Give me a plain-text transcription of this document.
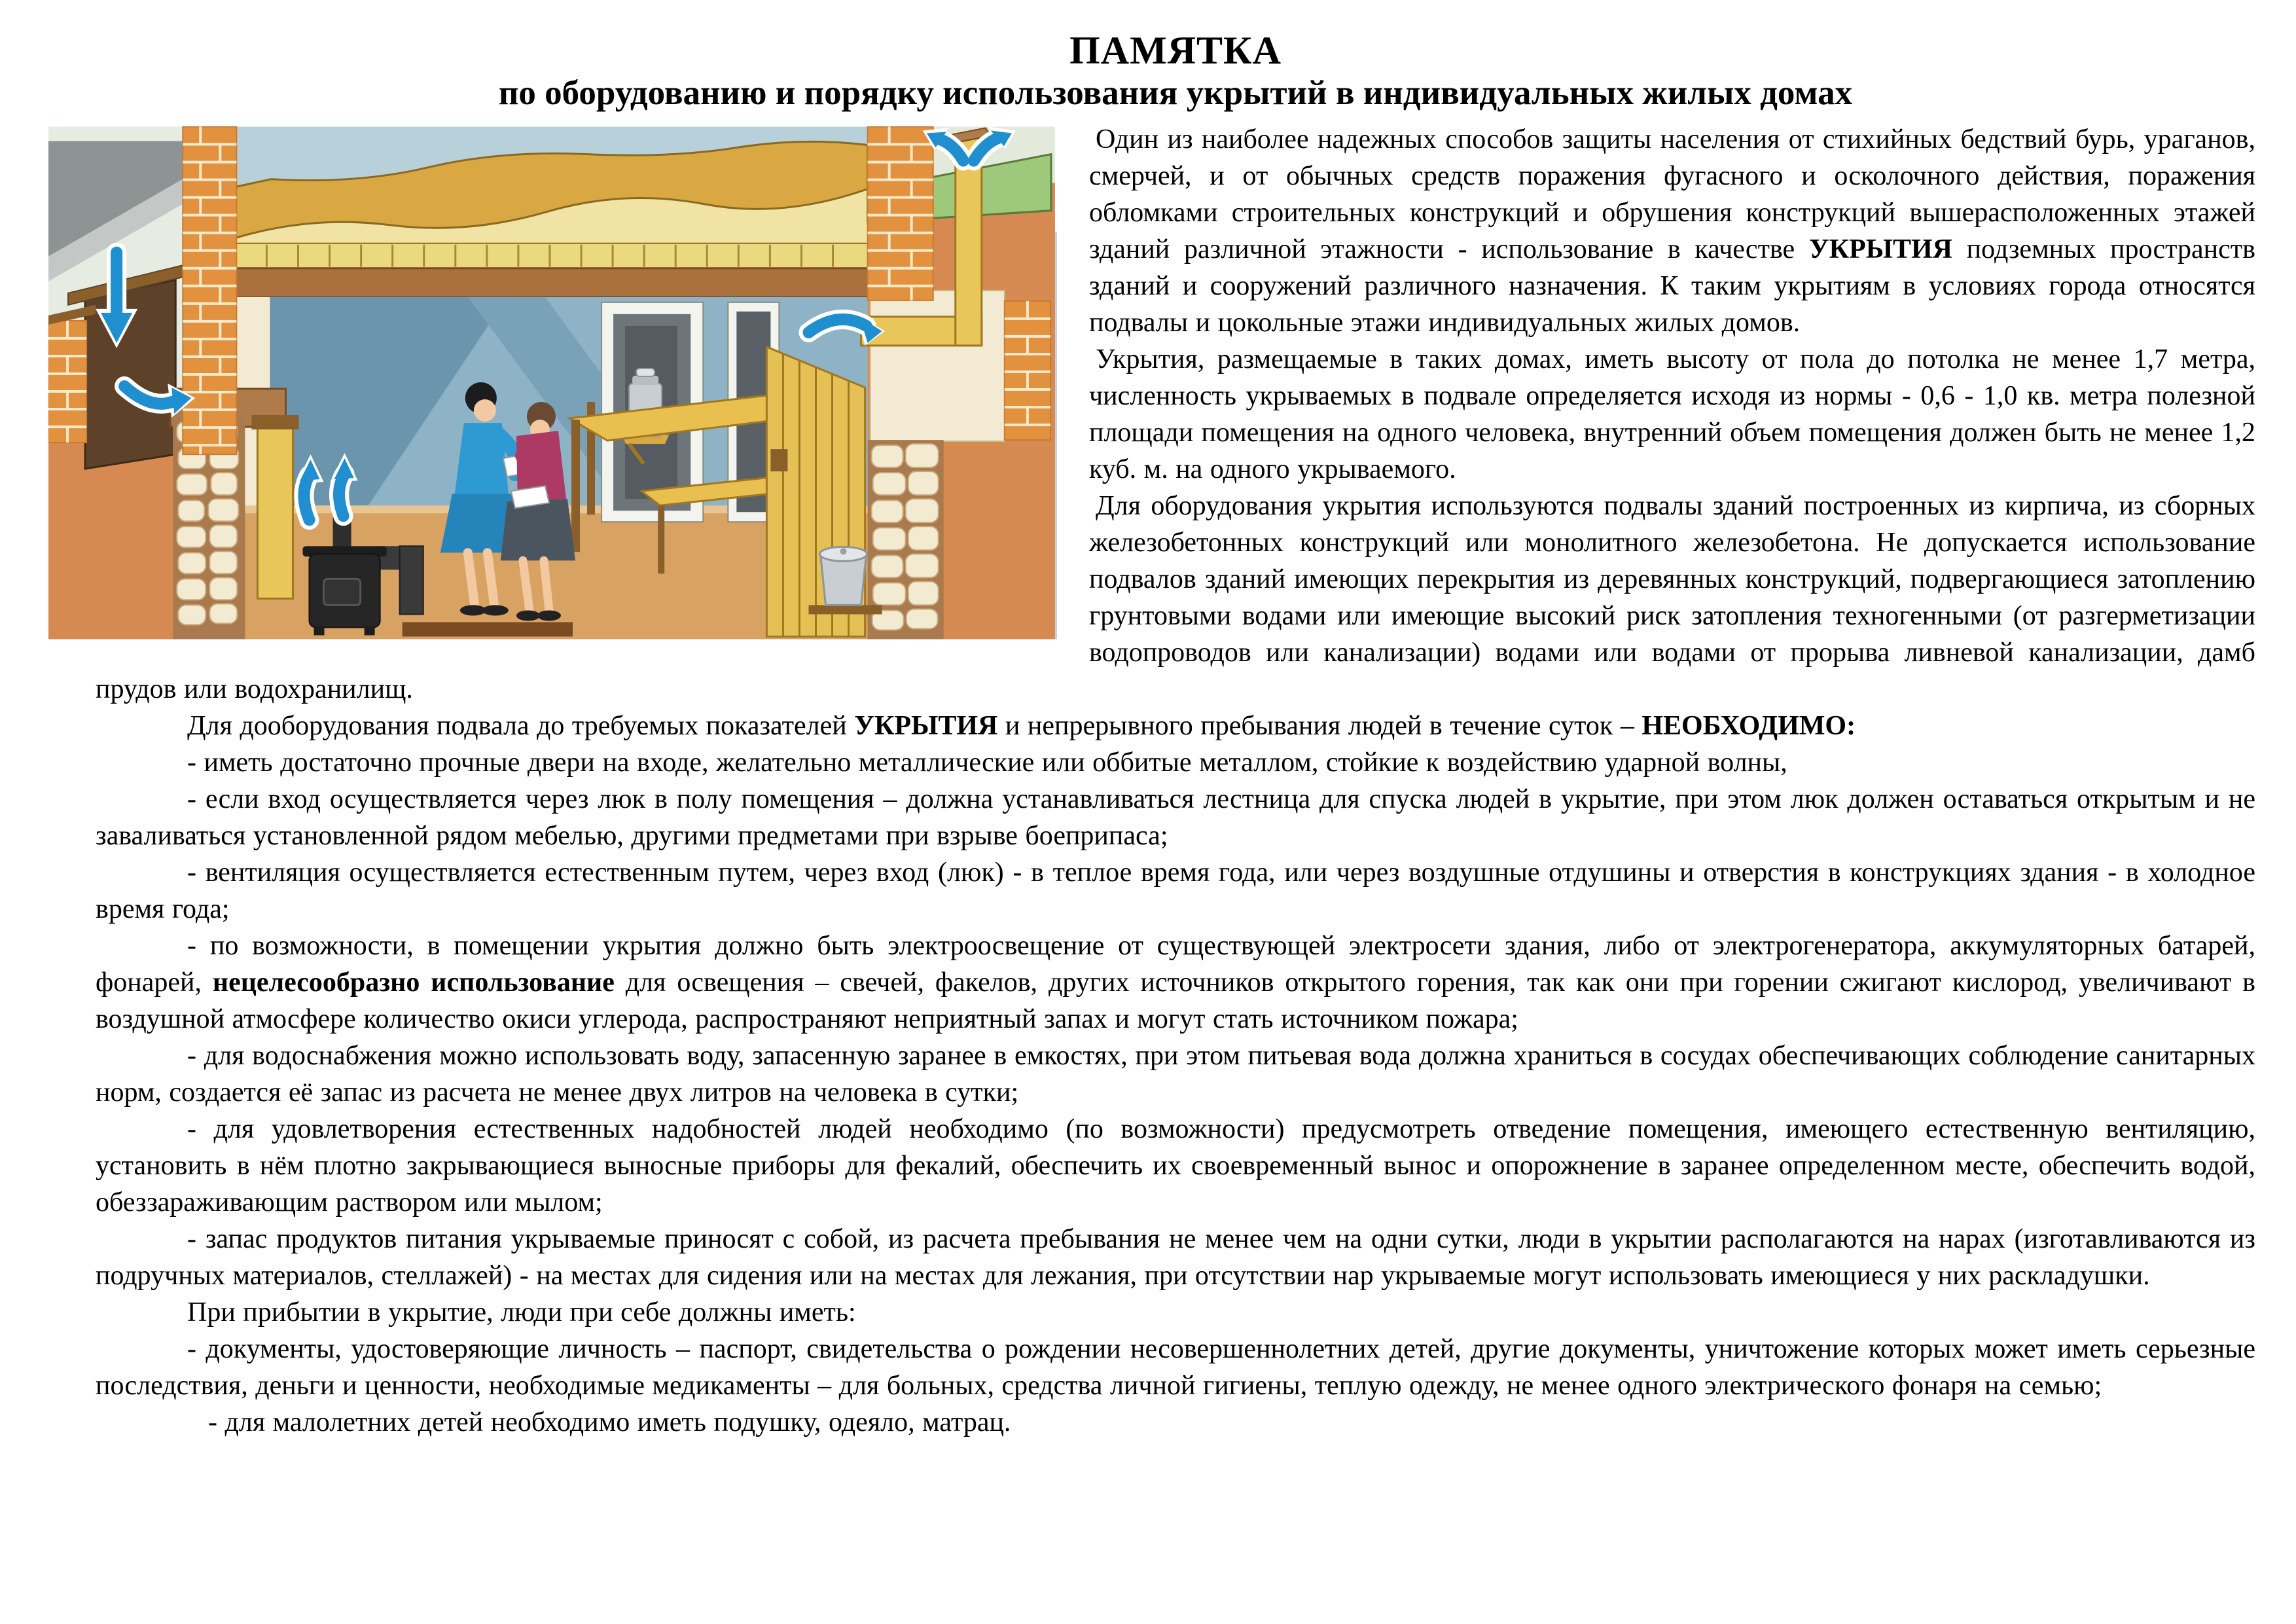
ПАМЯТКА
по оборудованию и порядку использования укрытий в индивидуальных жилых домах

Один из наиболее надежных способов защиты населения от стихийных бедствий бурь, ураганов, смерчей, и от обычных средств поражения фугасного и осколочного действия, поражения обломками строительных конструкций и обрушения конструкций вышерасположенных этажей зданий различной этажности - использование в качестве УКРЫТИЯ подземных пространств зданий и сооружений различного назначения. К таким укрытиям в условиях города относятся подвалы и цокольные этажи индивидуальных жилых домов.

Укрытия, размещаемые в таких домах, иметь высоту от пола до потолка не менее 1,7 метра, численность укрываемых в подвале определяется исходя из нормы - 0,6 - 1,0 кв. метра полезной площади помещения на одного человека, внутренний объем помещения должен быть не менее 1,2 куб. м. на одного укрываемого.

Для оборудования укрытия используются подвалы зданий построенных из кирпича, из сборных железобетонных конструкций или монолитного железобетона. Не допускается использование подвалов зданий имеющих перекрытия из деревянных конструкций, подвергающиеся затоплению грунтовыми водами или имеющие высокий риск затопления техногенными (от разгерметизации водопроводов или канализации) водами или водами от прорыва ливневой канализации, дамб прудов или водохранилищ.

Для дооборудования подвала до требуемых показателей УКРЫТИЯ и непрерывного пребывания людей в течение суток – НЕОБХОДИМО:

- иметь достаточно прочные двери на входе, желательно металлические или оббитые металлом, стойкие к воздействию ударной волны,

- если вход осуществляется через люк в полу помещения – должна устанавливаться лестница для спуска людей в укрытие, при этом люк должен оставаться открытым и не заваливаться установленной рядом мебелью, другими предметами при взрыве боеприпаса;

- вентиляция осуществляется естественным путем, через вход (люк) - в теплое время года, или через воздушные отдушины и отверстия в конструкциях здания - в холодное время года;

- по возможности, в помещении укрытия должно быть электроосвещение от существующей электросети здания, либо от электрогенератора, аккумуляторных батарей, фонарей, нецелесообразно использование для освещения – свечей, факелов, других источников открытого горения, так как они при горении сжигают кислород, увеличивают в воздушной атмосфере количество окиси углерода, распространяют неприятный запах и могут стать источником пожара;

- для водоснабжения можно использовать воду, запасенную заранее в емкостях, при этом питьевая вода должна храниться в сосудах обеспечивающих соблюдение санитарных норм, создается её запас из расчета не менее двух литров на человека в сутки;

- для удовлетворения естественных надобностей людей необходимо (по возможности) предусмотреть отведение помещения, имеющего естественную вентиляцию, установить в нём плотно закрывающиеся выносные приборы для фекалий, обеспечить их своевременный вынос и опорожнение в заранее определенном месте, обеспечить водой, обеззараживающим раствором или мылом;

- запас продуктов питания укрываемые приносят с собой, из расчета пребывания не менее чем на одни сутки, люди в укрытии располагаются на нарах (изготавливаются из подручных материалов, стеллажей) - на местах для сидения или на местах для лежания, при отсутствии нар укрываемые могут использовать имеющиеся у них раскладушки.

При прибытии в укрытие, люди при себе должны иметь:

- документы, удостоверяющие личность – паспорт, свидетельства о рождении несовершеннолетних детей, другие документы, уничтожение которых может иметь серьезные последствия, деньги и ценности, необходимые медикаменты – для больных, средства личной гигиены, теплую одежду, не менее одного электрического фонаря на семью;

- для малолетних детей необходимо иметь подушку, одеяло, матрац.
